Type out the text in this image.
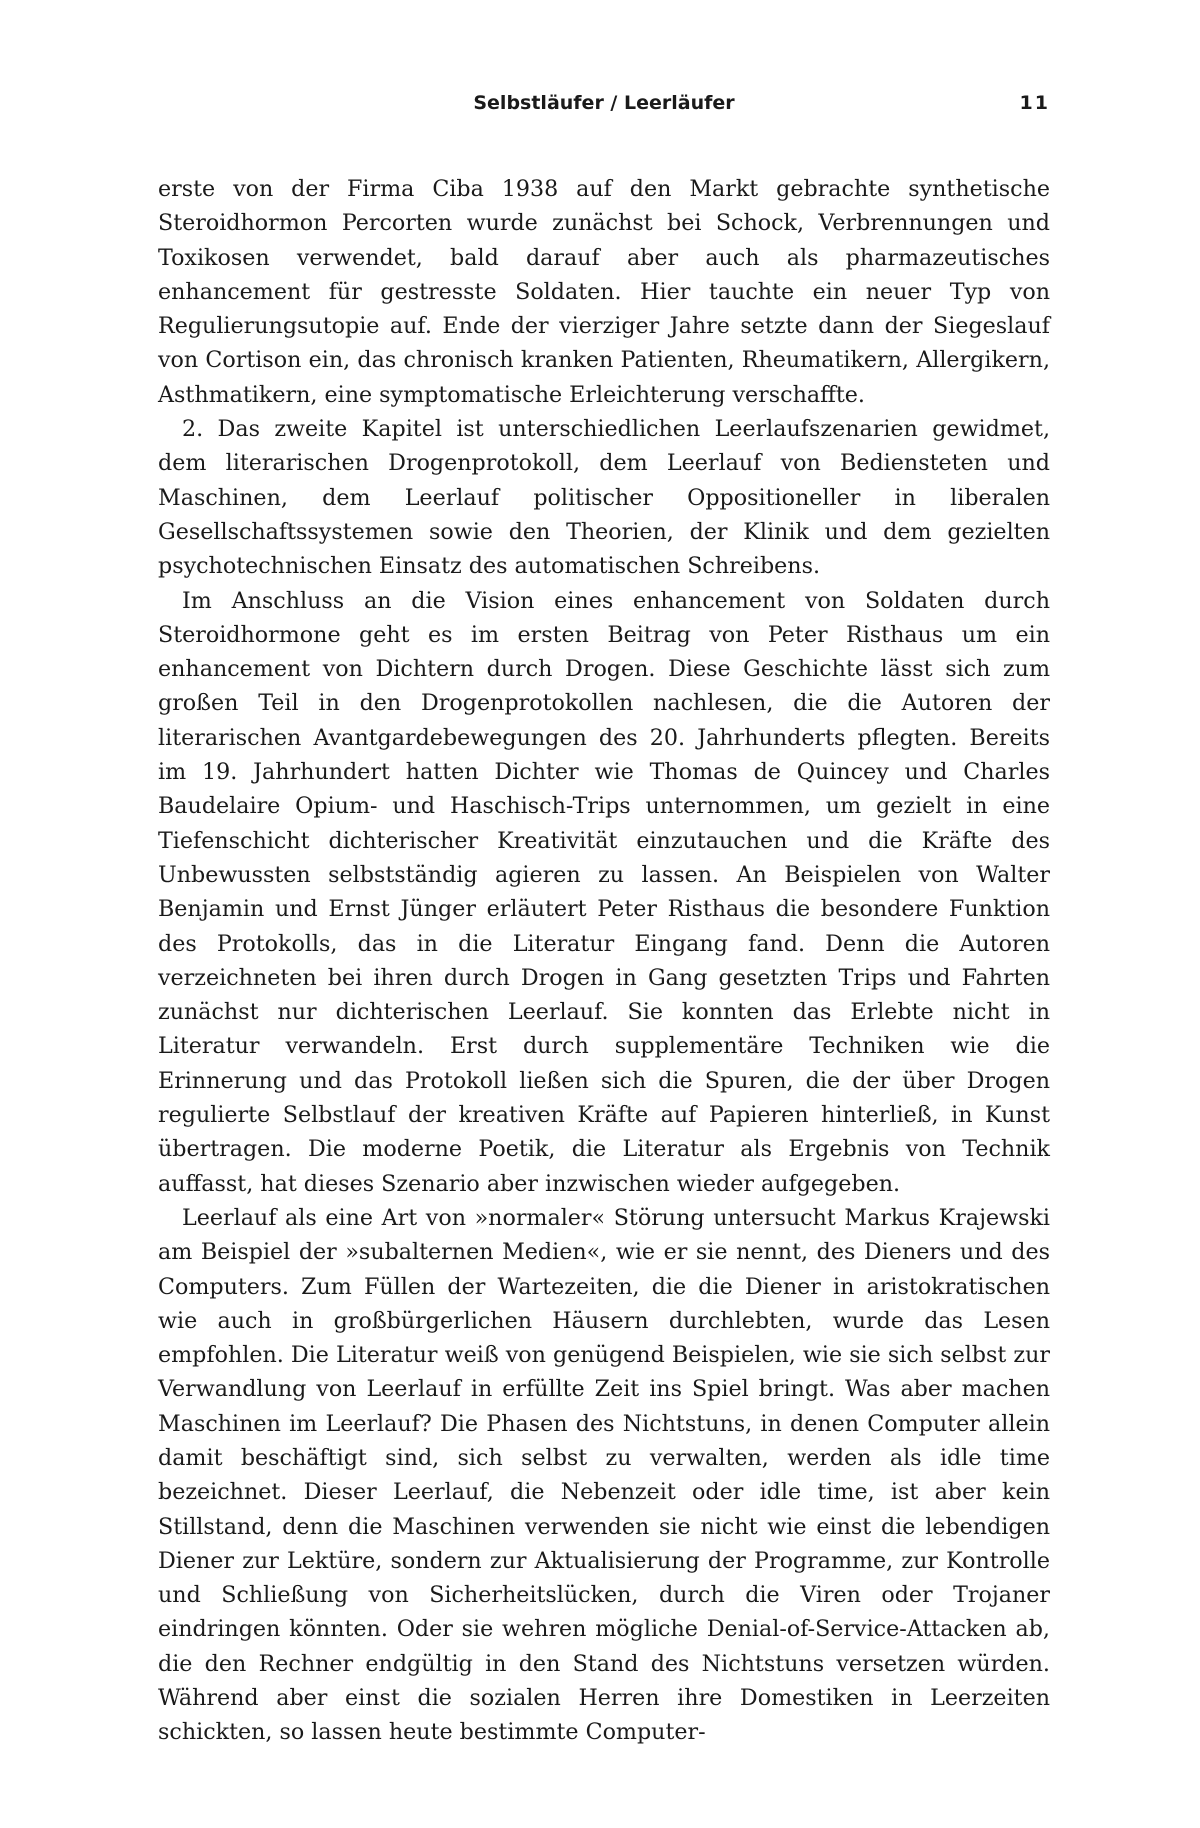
Selbstläufer / Leerläufer	11

erste von der Firma Ciba 1938 auf den Markt gebrachte synthetische Steroidhormon Percorten wurde zunächst bei Schock, Verbrennungen und Toxikosen verwendet, bald darauf aber auch als pharmazeutisches enhancement für gestresste Soldaten. Hier tauchte ein neuer Typ von Regulierungsutopie auf. Ende der vierziger Jahre setzte dann der Siegeslauf von Cortison ein, das chronisch kranken Patienten, Rheumatikern, Allergikern, Asthmatikern, eine symptomatische Erleichterung verschaffte.

2. Das zweite Kapitel ist unterschiedlichen Leerlaufszenarien gewidmet, dem literarischen Drogenprotokoll, dem Leerlauf von Bediensteten und Maschinen, dem Leerlauf politischer Oppositioneller in liberalen Gesellschaftssystemen sowie den Theorien, der Klinik und dem gezielten psychotechnischen Einsatz des automatischen Schreibens.

Im Anschluss an die Vision eines enhancement von Soldaten durch Steroidhormone geht es im ersten Beitrag von Peter Risthaus um ein enhancement von Dichtern durch Drogen. Diese Geschichte lässt sich zum großen Teil in den Drogenprotokollen nachlesen, die die Autoren der literarischen Avantgardebewegungen des 20. Jahrhunderts pflegten. Bereits im 19. Jahrhundert hatten Dichter wie Thomas de Quincey und Charles Baudelaire Opium- und Haschisch-Trips unternommen, um gezielt in eine Tiefenschicht dichterischer Kreativität einzutauchen und die Kräfte des Unbewussten selbstständig agieren zu lassen. An Beispielen von Walter Benjamin und Ernst Jünger erläutert Peter Risthaus die besondere Funktion des Protokolls, das in die Literatur Eingang fand. Denn die Autoren verzeichneten bei ihren durch Drogen in Gang gesetzten Trips und Fahrten zunächst nur dichterischen Leerlauf. Sie konnten das Erlebte nicht in Literatur verwandeln. Erst durch supplementäre Techniken wie die Erinnerung und das Protokoll ließen sich die Spuren, die der über Drogen regulierte Selbstlauf der kreativen Kräfte auf Papieren hinterließ, in Kunst übertragen. Die moderne Poetik, die Literatur als Ergebnis von Technik auffasst, hat dieses Szenario aber inzwischen wieder aufgegeben.

Leerlauf als eine Art von »normaler« Störung untersucht Markus Krajewski am Beispiel der »subalternen Medien«, wie er sie nennt, des Dieners und des Computers. Zum Füllen der Wartezeiten, die die Diener in aristokratischen wie auch in großbürgerlichen Häusern durchlebten, wurde das Lesen empfohlen. Die Literatur weiß von genügend Beispielen, wie sie sich selbst zur Verwandlung von Leerlauf in erfüllte Zeit ins Spiel bringt. Was aber machen Maschinen im Leerlauf? Die Phasen des Nichtstuns, in denen Computer allein damit beschäftigt sind, sich selbst zu verwalten, werden als idle time bezeichnet. Dieser Leerlauf, die Nebenzeit oder idle time, ist aber kein Stillstand, denn die Maschinen verwenden sie nicht wie einst die lebendigen Diener zur Lektüre, sondern zur Aktualisierung der Programme, zur Kontrolle und Schließung von Sicherheitslücken, durch die Viren oder Trojaner eindringen könnten. Oder sie wehren mögliche Denial-of-Service-Attacken ab, die den Rechner endgültig in den Stand des Nichtstuns versetzen würden. Während aber einst die sozialen Herren ihre Domestiken in Leerzeiten schickten, so lassen heute bestimmte Computer-
